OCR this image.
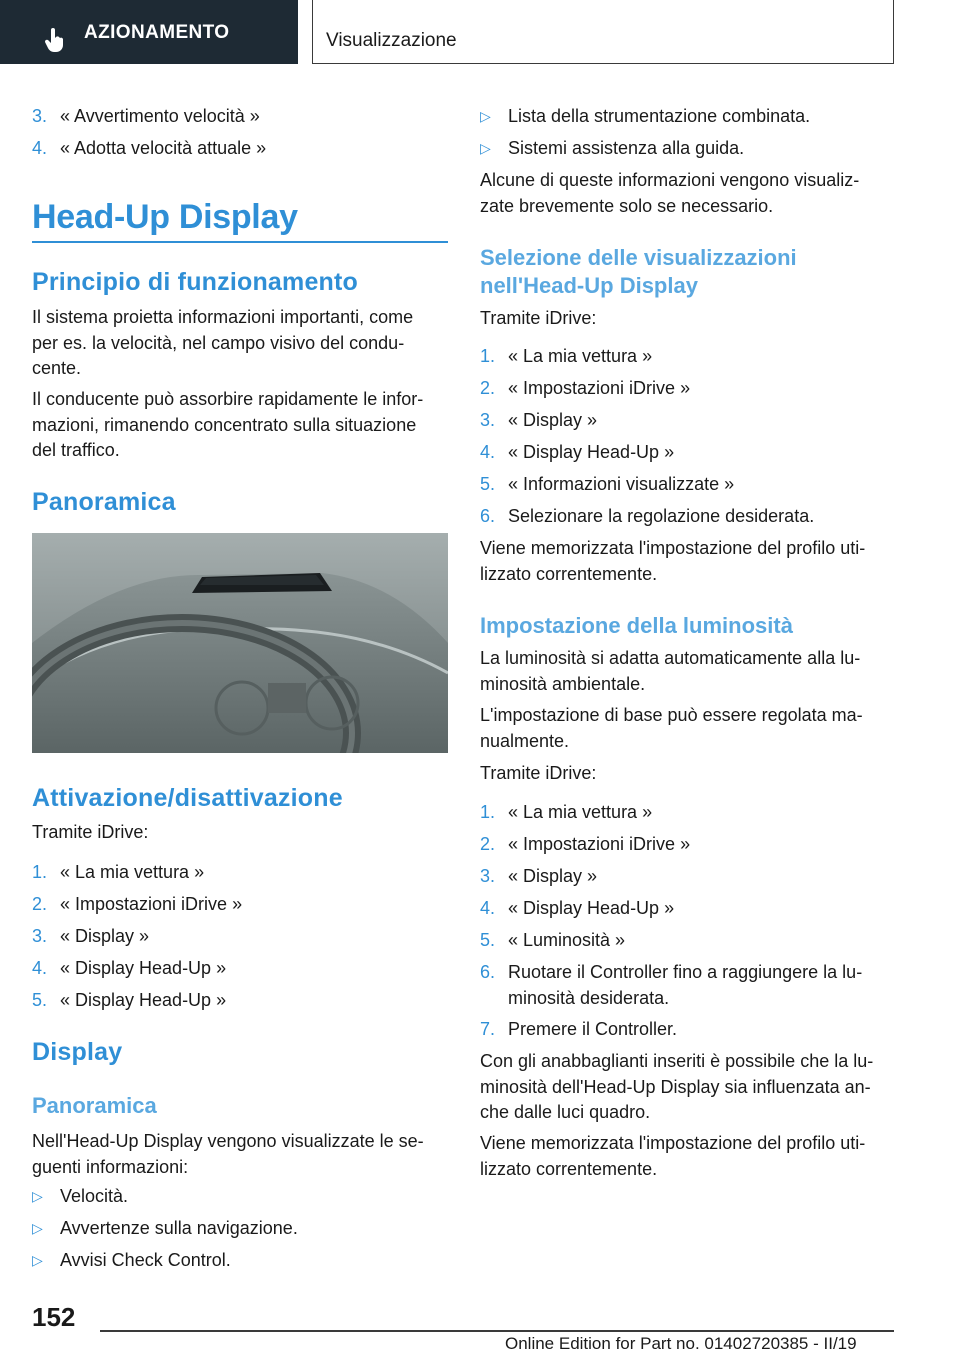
AZIONAMENTO	Visualizzazione
3. « Avvertimento velocità »
4. « Adotta velocità attuale »
Head-Up Display
Principio di funzionamento
Il sistema proietta informazioni importanti, come
per es. la velocità, nel campo visivo del condu‐
cente.
Il conducente può assorbire rapidamente le infor‐
mazioni, rimanendo concentrato sulla situazione
del traffico.
Panoramica
Attivazione/disattivazione
Tramite iDrive:
1. « La mia vettura »
2. « Impostazioni iDrive »
3. « Display »
4. « Display Head-Up »
5. « Display Head-Up »
Display
Panoramica
Nell'Head-Up Display vengono visualizzate le se‐
guenti informazioni:
▷ Velocità.
▷ Avvertenze sulla navigazione.
▷ Avvisi Check Control.
▷ Lista della strumentazione combinata.
▷ Sistemi assistenza alla guida.
Alcune di queste informazioni vengono visualiz‐
zate brevemente solo se necessario.
Selezione delle visualizzazioni
nell'Head-Up Display
Tramite iDrive:
1. « La mia vettura »
2. « Impostazioni iDrive »
3. « Display »
4. « Display Head-Up »
5. « Informazioni visualizzate »
6. Selezionare la regolazione desiderata.
Viene memorizzata l'impostazione del profilo uti‐
lizzato correntemente.
Impostazione della luminosità
La luminosità si adatta automaticamente alla lu‐
minosità ambientale.
L'impostazione di base può essere regolata ma‐
nualmente.
Tramite iDrive:
1. « La mia vettura »
2. « Impostazioni iDrive »
3. « Display »
4. « Display Head-Up »
5. « Luminosità »
6. Ruotare il Controller fino a raggiungere la lu‐
minosità desiderata.
7. Premere il Controller.
Con gli anabbaglianti inseriti è possibile che la lu‐
minosità dell'Head-Up Display sia influenzata an‐
che dalle luci quadro.
Viene memorizzata l'impostazione del profilo uti‐
lizzato correntemente.
152
Online Edition for Part no. 01402720385 - II/19
